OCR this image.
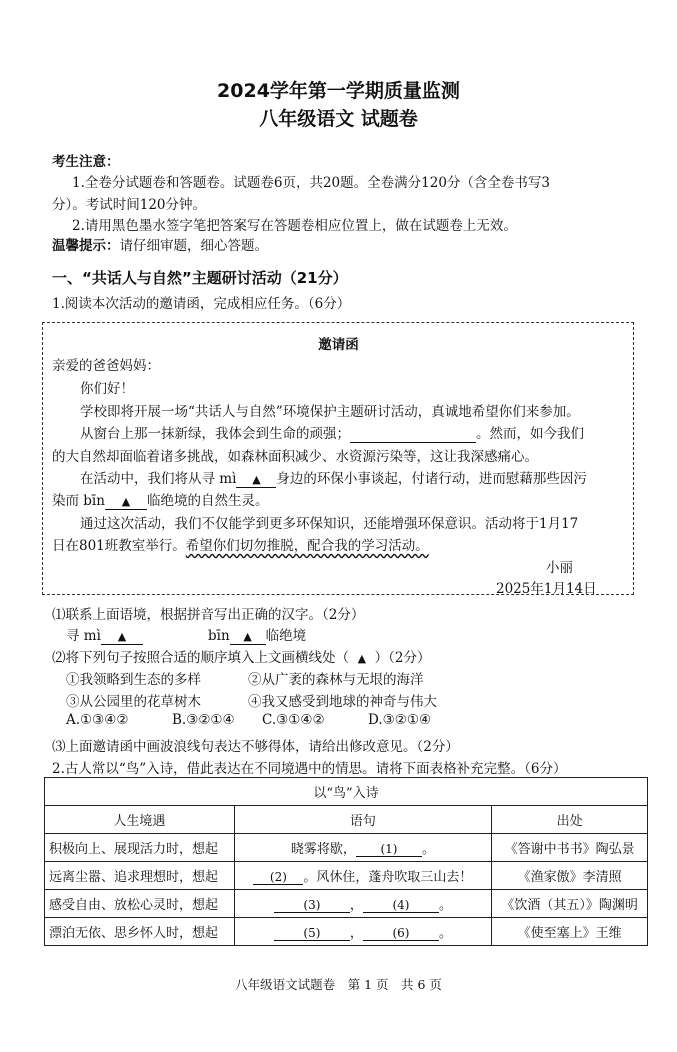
2024学年第一学期质量监测
八年级语文 试题卷
考生注意：
1.全卷分试题卷和答题卷。试题卷6页，共20题。全卷满分120分（含全卷书写3
分）。考试时间120分钟。
2.请用黑色墨水签字笔把答案写在答题卷相应位置上，做在试题卷上无效。
温馨提示：请仔细审题，细心答题。
一、“共话人与自然”主题研讨活动（21分）
1.阅读本次活动的邀请函，完成相应任务。（6分）
邀请函
亲爱的爸爸妈妈：
你们好！
学校即将开展一场“共话人与自然”环境保护主题研讨活动，真诚地希望你们来参加。
从窗台上那一抹新绿，我体会到生命的顽强；	。然而，如今我们
的大自然却面临着诸多挑战，如森林面积减少、水资源污染等，这让我深感痛心。
在活动中，我们将从寻 mì ▲ 身边的环保小事谈起，付诸行动，进而慰藉那些因污
染而 bīn ▲ 临绝境的自然生灵。
通过这次活动，我们不仅能学到更多环保知识，还能增强环保意识。活动将于1月17
日在801班教室举行。希望你们切勿推脱，配合我的学习活动。
小丽
2025年1月14日
⑴联系上面语境，根据拼音写出正确的汉字。（2分）
寻 mì ▲	bīn ▲ 临绝境
⑵将下列句子按照合适的顺序填入上文画横线处（ ▲ ）（2分）
①我领略到生态的多样	②从广袤的森林与无垠的海洋
③从公园里的花草树木	④我又感受到地球的神奇与伟大
A.①③④②	B.③②①④ C.③①④②	D.③②①④
⑶上面邀请函中画波浪线句表达不够得体，请给出修改意见。（2分）
2.古人常以“鸟”入诗，借此表达在不同境遇中的情思。请将下面表格补充完整。（6分）
以“鸟”入诗		
人生境遇	语句	出处
积极向上、展现活力时，想起	晓雾将歇， (1) 。	《答谢中书书》陶弘景
远离尘嚣、追求理想时，想起	(2) 。风休住，蓬舟吹取三山去！	《渔家傲》李清照
感受自由、放松心灵时，想起	(3) ， (4) 。	《饮酒（其五）》陶渊明
漂泊无依、思乡怀人时，想起	(5) ， (6) 。	《使至塞上》王维
八年级语文试题卷　第 1 页　共 6 页
